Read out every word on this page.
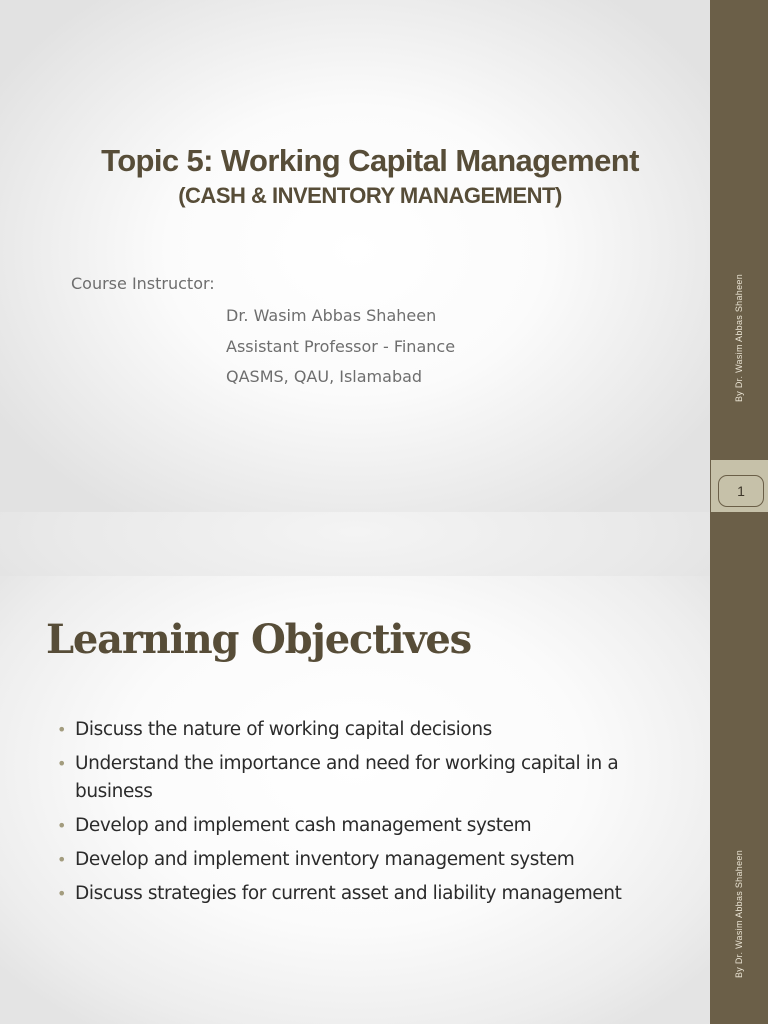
By Dr. Wasim Abbas Shaheen
1
Topic 5: Working Capital Management
(CASH & INVENTORY MANAGEMENT)
Course Instructor:
Dr. Wasim Abbas Shaheen
Assistant Professor - Finance
QASMS, QAU, Islamabad
By Dr. Wasim Abbas Shaheen
Learning Objectives
• Discuss the nature of working capital decisions
• Understand the importance and need for working capital in a business
• Develop and implement cash management system
• Develop and implement inventory management system
• Discuss strategies for current asset and liability management
